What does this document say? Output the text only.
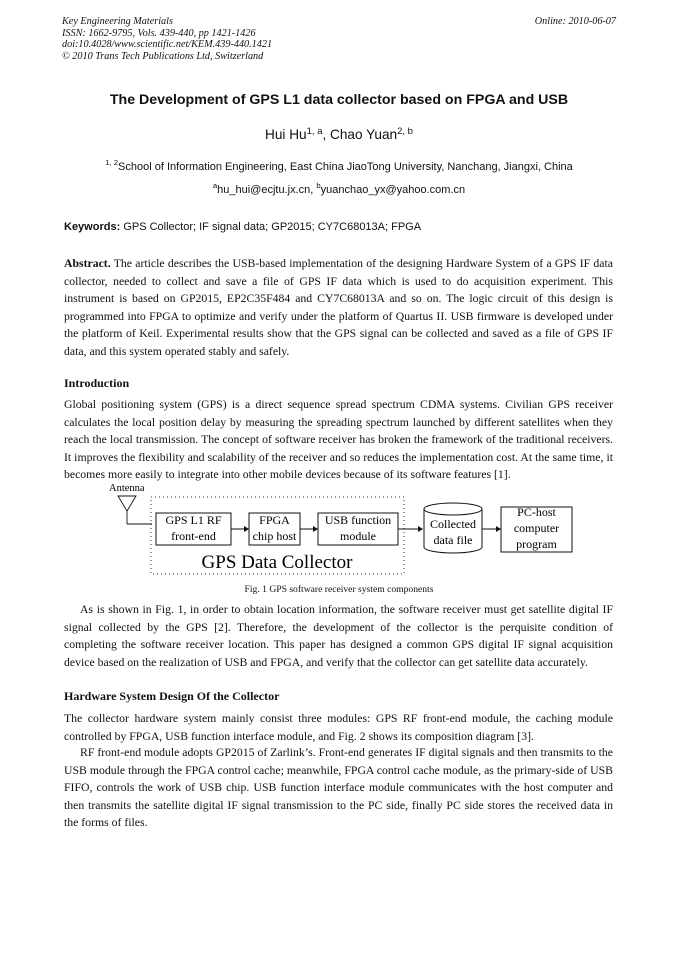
Key Engineering Materials
ISSN: 1662-9795, Vols. 439-440, pp 1421-1426
doi:10.4028/www.scientific.net/KEM.439-440.1421
© 2010 Trans Tech Publications Ltd, Switzerland
Online: 2010-06-07
The Development of GPS L1 data collector based on FPGA and USB
Hui Hu$^{1, a}$, Chao Yuan$^{2, b}$
$^{1, 2}$School of Information Engineering, East China JiaoTong University, Nanchang, Jiangxi, China
$^a$hu_hui@ecjtu.jx.cn, $^b$yuanchao_yx@yahoo.com.cn
Keywords: GPS Collector; IF signal data; GP2015; CY7C68013A; FPGA

Abstract. The article describes the USB-based implementation of the designing Hardware System of a GPS IF data collector, needed to collect and save a file of GPS IF data which is used to do acquisition experiment. This instrument is based on GP2015, EP2C35F484 and CY7C68013A and so on. The logic circuit of this design is programmed into FPGA to optimize and verify under the platform of Quartus II. USB firmware is developed under the platform of Keil. Experimental results show that the GPS signal can be collected and saved as a file of GPS IF data, and this system operated stably and safely.

Introduction

Global positioning system (GPS) is a direct sequence spread spectrum CDMA systems. Civilian GPS receiver calculates the local position delay by measuring the spreading spectrum launched by different satellites when they reach the local transmission. The concept of software receiver has broken the framework of the traditional receivers. It improves the flexibility and scalability of the receiver and so reduces the implementation cost. At the same time, it becomes more easily to integrate into other mobile devices because of its software features [1].

Antenna
GPS L1 RF
front-end
FPGA
chip host
USB function
module
Collected
data file
PC-host
computer
program
GPS Data Collector
Fig. 1 GPS software receiver system components

As is shown in Fig. 1, in order to obtain location information, the software receiver must get satellite digital IF signal collected by the GPS [2]. Therefore, the development of the collector is the perquisite condition of completing the software receiver location. This paper has designed a common GPS digital IF signal acquisition device based on the realization of USB and FPGA, and verify that the collector can get satellite data accurately.

Hardware System Design Of the Collector

The collector hardware system mainly consist three modules: GPS RF front-end module, the caching module controlled by FPGA, USB function interface module, and Fig. 2 shows its composition diagram [3].

RF front-end module adopts GP2015 of Zarlink’s. Front-end generates IF digital signals and then transmits to the USB module through the FPGA control cache; meanwhile, FPGA control cache module, as the primary-side of USB FIFO, controls the work of USB chip. USB function interface module communicates with the host computer and then transmits the satellite digital IF signal transmission to the PC side, finally PC side stores the received data in the forms of files.
